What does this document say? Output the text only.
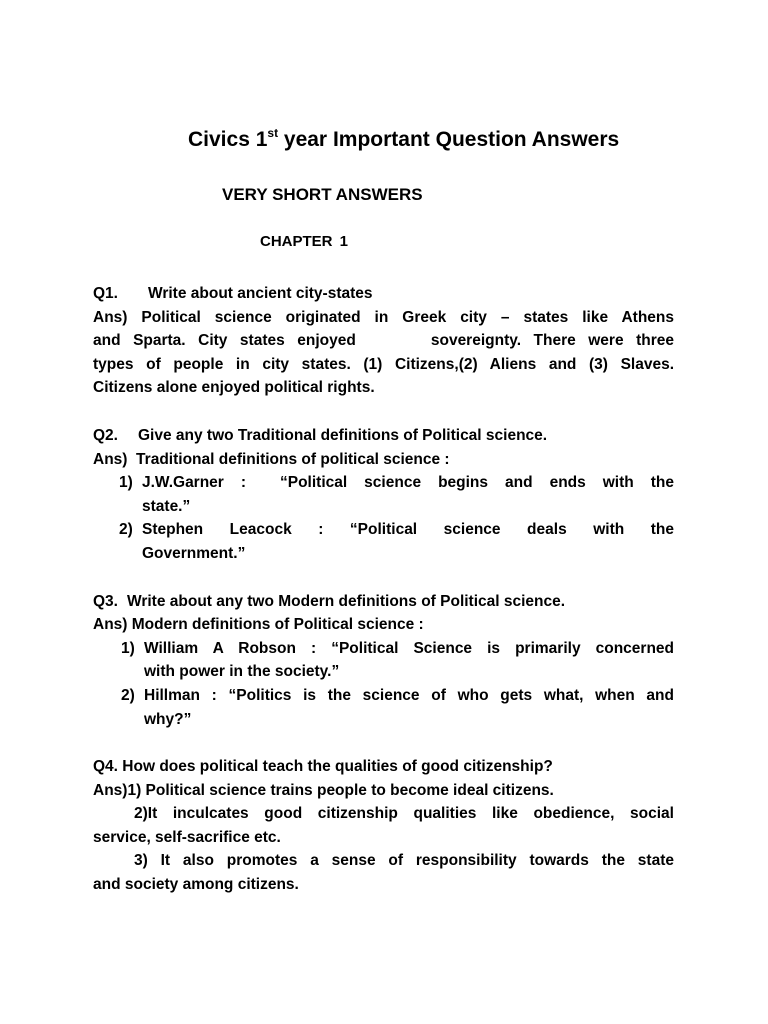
Civics 1st year Important Question Answers
VERY SHORT ANSWERS
CHAPTER 1
Q1. Write about ancient city-states
Ans) Political science originated in Greek city – states like Athens
and Sparta. City states enjoyed      sovereignty. There were three
types of people in city states. (1) Citizens,(2) Aliens and (3) Slaves.
Citizens alone enjoyed political rights.
Q2. Give any two Traditional definitions of Political science.
Ans)  Traditional definitions of political science :
1) J.W.Garner :  “Political science begins and ends with the
state.”
2) Stephen Leacock : “Political science deals with the
Government.”
Q3. Write about any two Modern definitions of Political science.
Ans) Modern definitions of Political science :
1) William A Robson : “Political Science is primarily concerned
with power in the society.”
2) Hillman : “Politics is the science of who gets what, when and
why?”
Q4. How does political teach the qualities of good citizenship?
Ans)1) Political science trains people to become ideal citizens.
2)It inculcates good citizenship qualities like obedience, social
service, self-sacrifice etc.
3) It also promotes a sense of responsibility towards the state
and society among citizens.
